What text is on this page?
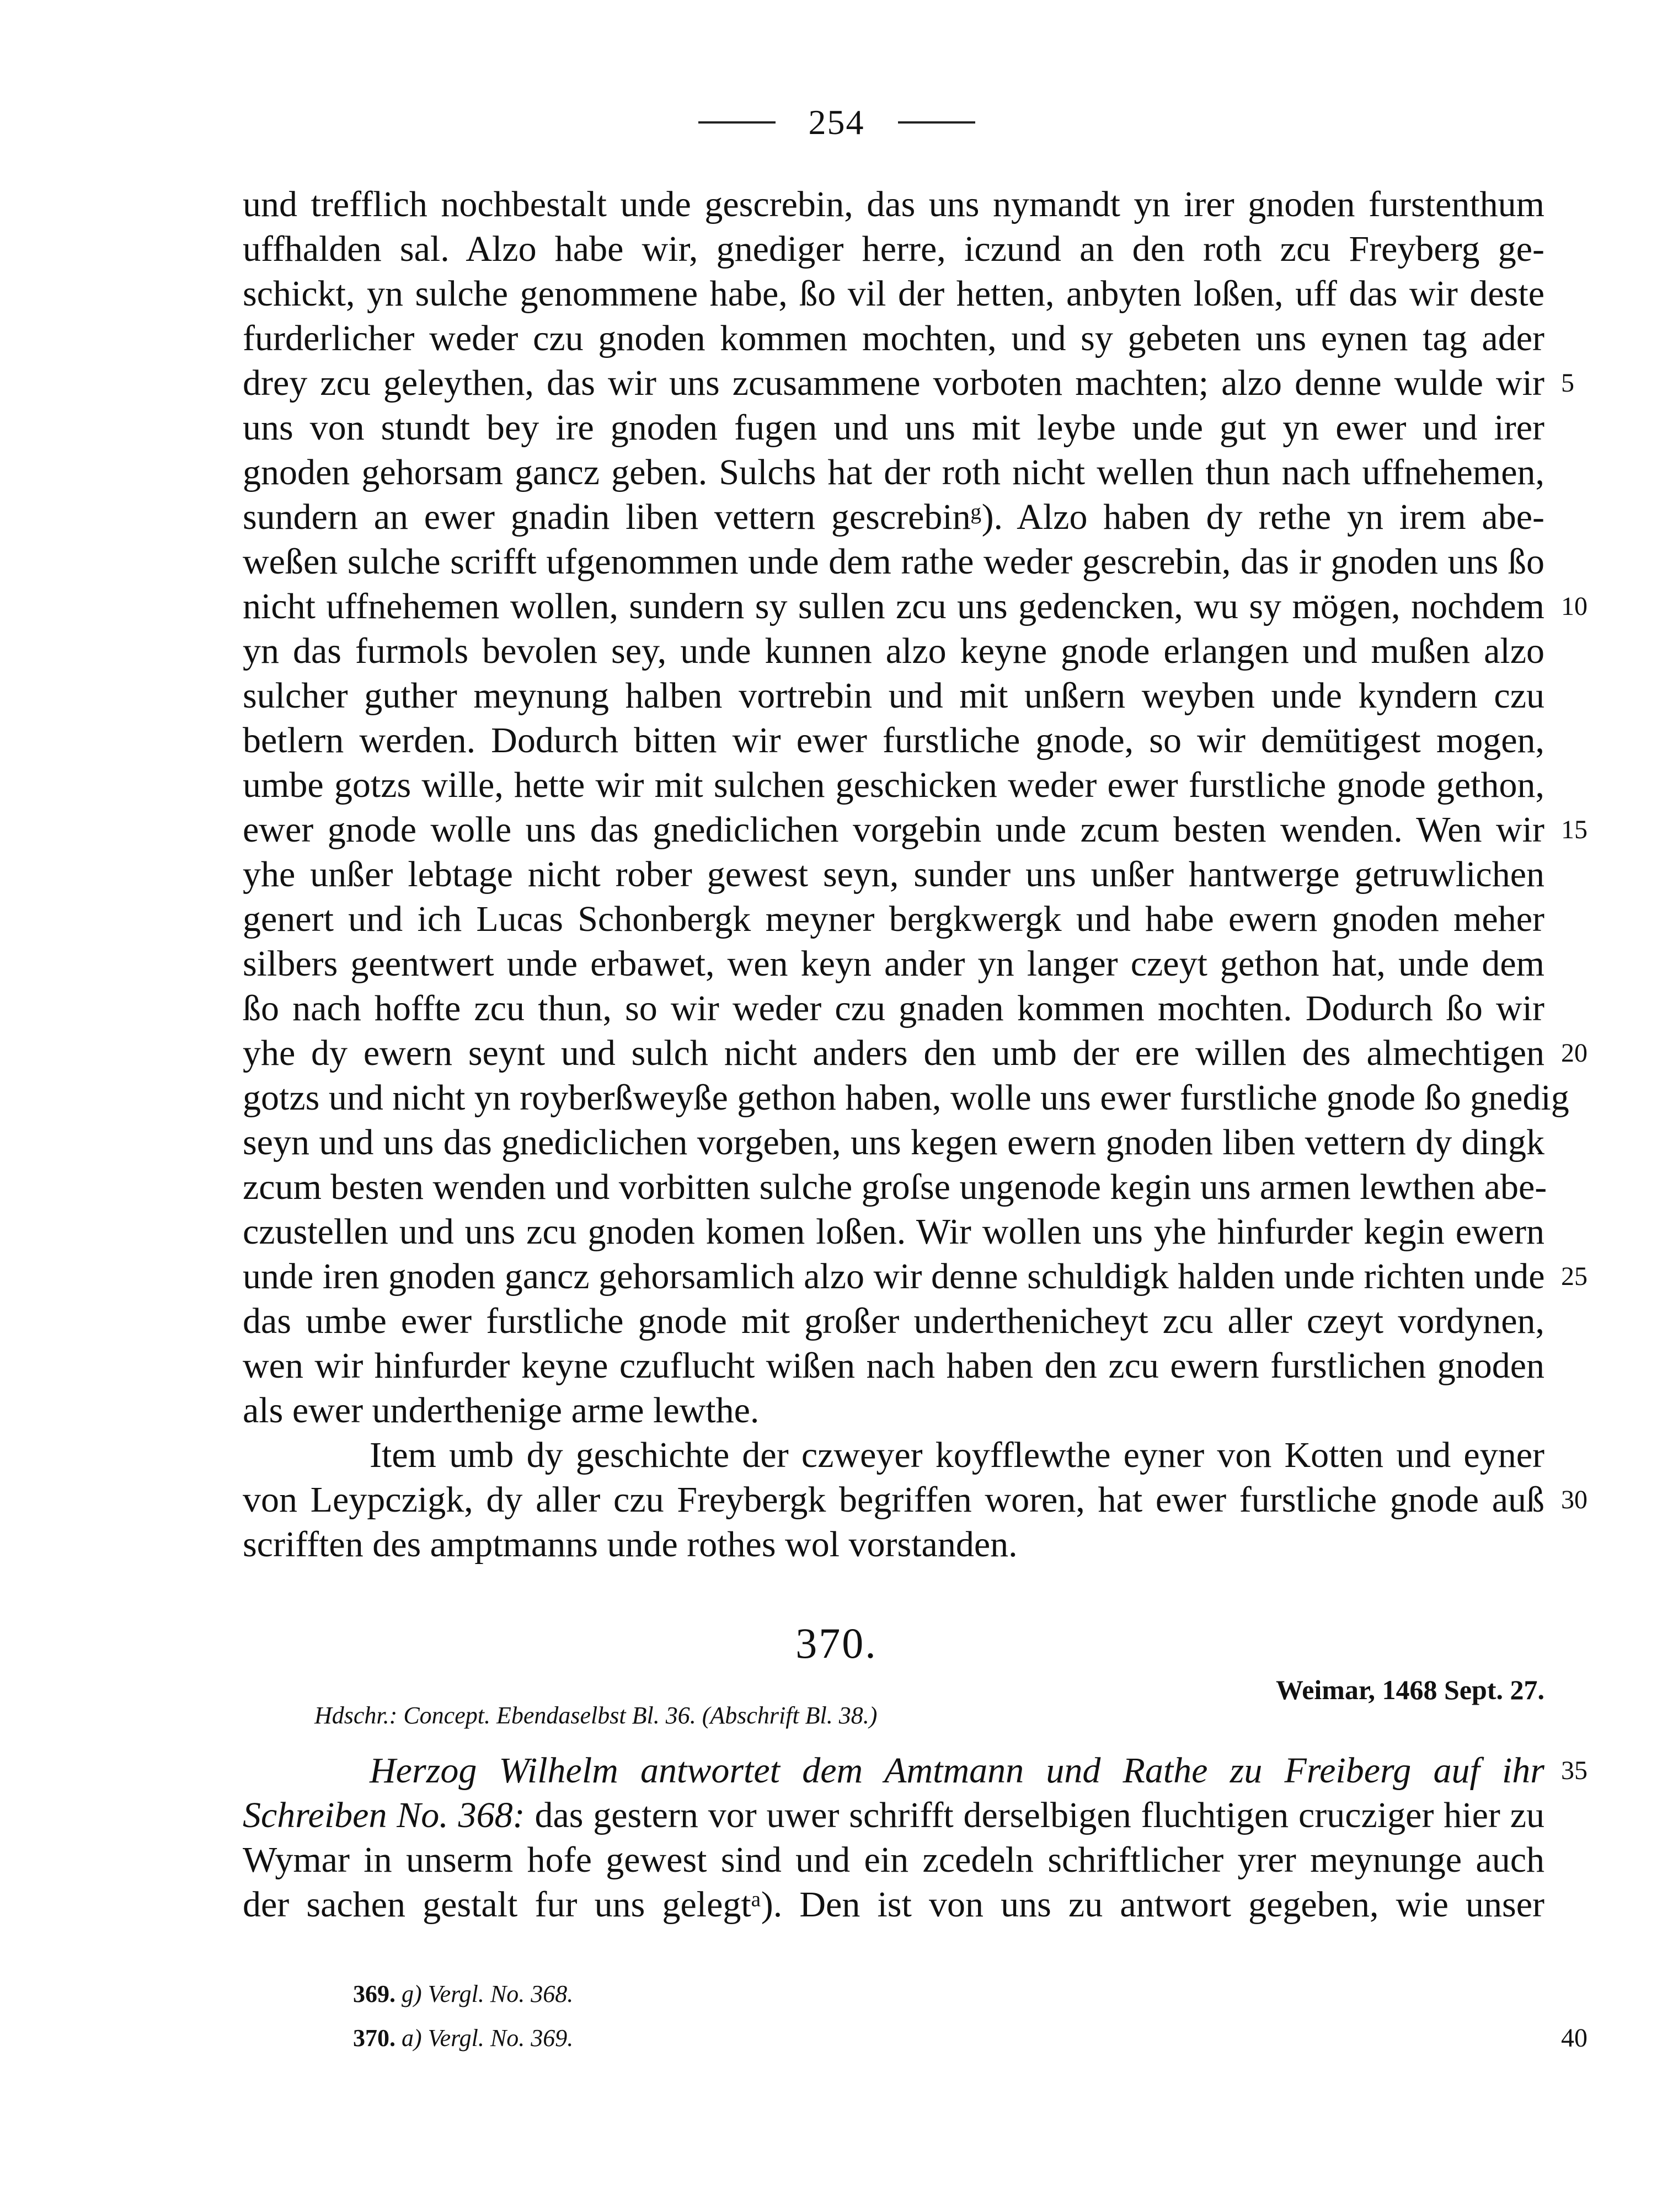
254
und trefflich nochbestalt unde gescrebin, das uns nymandt yn irer gnoden furstenthum
uffhalden sal. Alzo habe wir, gnediger herre, iczund an den roth zcu Freyberg ge-
schickt, yn sulche genommene habe, ßo vil der hetten, anbyten loßen, uff das wir deste
furderlicher weder czu gnoden kommen mochten, und sy gebeten uns eynen tag ader
drey zcu geleythen, das wir uns zcusammene vorboten machten; alzo denne wulde wir
uns von stundt bey ire gnoden fugen und uns mit leybe unde gut yn ewer und irer
gnoden gehorsam gancz geben. Sulchs hat der roth nicht wellen thun nach uffnehemen,
sundern an ewer gnadin liben vettern gescrebinᵍ). Alzo haben dy rethe yn irem abe-
weßen sulche scrifft ufgenommen unde dem rathe weder gescrebin, das ir gnoden uns ßo
nicht uffnehemen wollen, sundern sy sullen zcu uns gedencken, wu sy mögen, nochdem
yn das furmols bevolen sey, unde kunnen alzo keyne gnode erlangen und mußen alzo
sulcher guther meynung halben vortrebin und mit unßern weyben unde kyndern czu
betlern werden. Dodurch bitten wir ewer furstliche gnode, so wir demütigest mogen,
umbe gotzs wille, hette wir mit sulchen geschicken weder ewer furstliche gnode gethon,
ewer gnode wolle uns das gnediclichen vorgebin unde zcum besten wenden. Wen wir
yhe unßer lebtage nicht rober gewest seyn, sunder uns unßer hantwerge getruwlichen
genert und ich Lucas Schonbergk meyner bergkwergk und habe ewern gnoden meher
silbers geentwert unde erbawet, wen keyn ander yn langer czeyt gethon hat, unde dem
ßo nach hoffte zcu thun, so wir weder czu gnaden kommen mochten. Dodurch ßo wir
yhe dy ewern seynt und sulch nicht anders den umb der ere willen des almechtigen
gotzs und nicht yn royberßweyße gethon haben, wolle uns ewer furstliche gnode ßo gnedig
seyn und uns das gnediclichen vorgeben, uns kegen ewern gnoden liben vettern dy dingk
zcum besten wenden und vorbitten sulche groſse ungenode kegin uns armen lewthen abe-
czustellen und uns zcu gnoden komen loßen. Wir wollen uns yhe hinfurder kegin ewern
unde iren gnoden gancz gehorsamlich alzo wir denne schuldigk halden unde richten unde
das umbe ewer furstliche gnode mit großer underthenicheyt zcu aller czeyt vordynen,
wen wir hinfurder keyne czuflucht wißen nach haben den zcu ewern furstlichen gnoden
als ewer underthenige arme lewthe.
Item umb dy geschichte der czweyer koyfflewthe eyner von Kotten und eyner
von Leypczigk, dy aller czu Freybergk begriffen woren, hat ewer furstliche gnode auß
scrifften des amptmanns unde rothes wol vorstanden.
5
10
15
20
25
30
370.
Weimar, 1468 Sept. 27.
Hdschr.: Concept. Ebendaselbst Bl. 36. (Abschrift Bl. 38.)
Herzog Wilhelm antwortet dem Amtmann und Rathe zu Freiberg auf ihr
Schreiben No. 368: das gestern vor uwer schrifft derselbigen fluchtigen crucziger hier zu
Wymar in unserm hofe gewest sind und ein zcedeln schriftlicher yrer meynunge auch
der sachen gestalt fur uns gelegtᵃ). Den ist von uns zu antwort gegeben, wie unser
35
369. g) Vergl. No. 368.
370. a) Vergl. No. 369.	40
